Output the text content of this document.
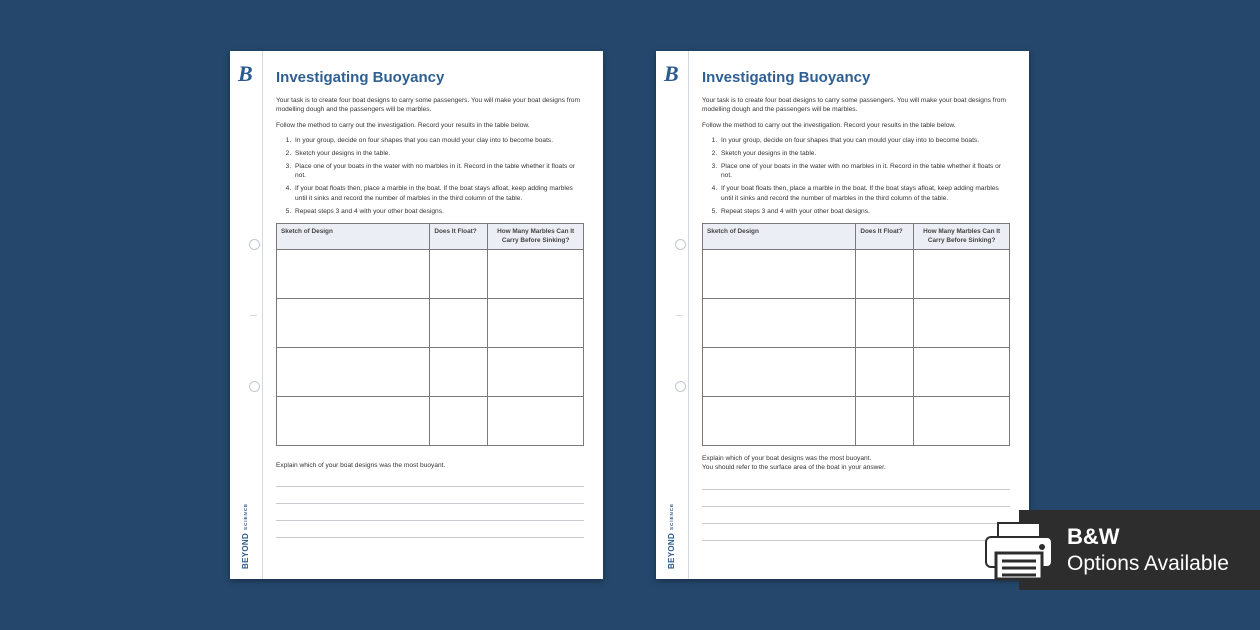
B
BEYONDSCIENCE
Investigating Buoyancy

Your task is to create four boat designs to carry some passengers. You will make your boat designs from modelling dough and the passengers will be marbles.

Follow the method to carry out the investigation. Record your results in the table below.

1. In your group, decide on four shapes that you can mould your clay into to become boats.
2. Sketch your designs in the table.
3. Place one of your boats in the water with no marbles in it. Record in the table whether it floats or not.
4. If your boat floats then, place a marble in the boat. If the boat stays afloat, keep adding marbles until it sinks and record the number of marbles in the third column of the table.
5. Repeat steps 3 and 4 with your other boat designs.
Sketch of Design	Does It Float?	How Many Marbles Can It Carry Before Sinking?

Explain which of your boat designs was the most buoyant.
B
BEYONDSCIENCE
Investigating Buoyancy

Your task is to create four boat designs to carry some passengers. You will make your boat designs from modelling dough and the passengers will be marbles.

Follow the method to carry out the investigation. Record your results in the table below.

1. In your group, decide on four shapes that you can mould your clay into to become boats.
2. Sketch your designs in the table.
3. Place one of your boats in the water with no marbles in it. Record in the table whether it floats or not.
4. If your boat floats then, place a marble in the boat. If the boat stays afloat, keep adding marbles until it sinks and record the number of marbles in the third column of the table.
5. Repeat steps 3 and 4 with your other boat designs.
Sketch of Design	Does It Float?	How Many Marbles Can It Carry Before Sinking?

Explain which of your boat designs was the most buoyant.
You should refer to the surface area of the boat in your answer.
B&W
Options Available
